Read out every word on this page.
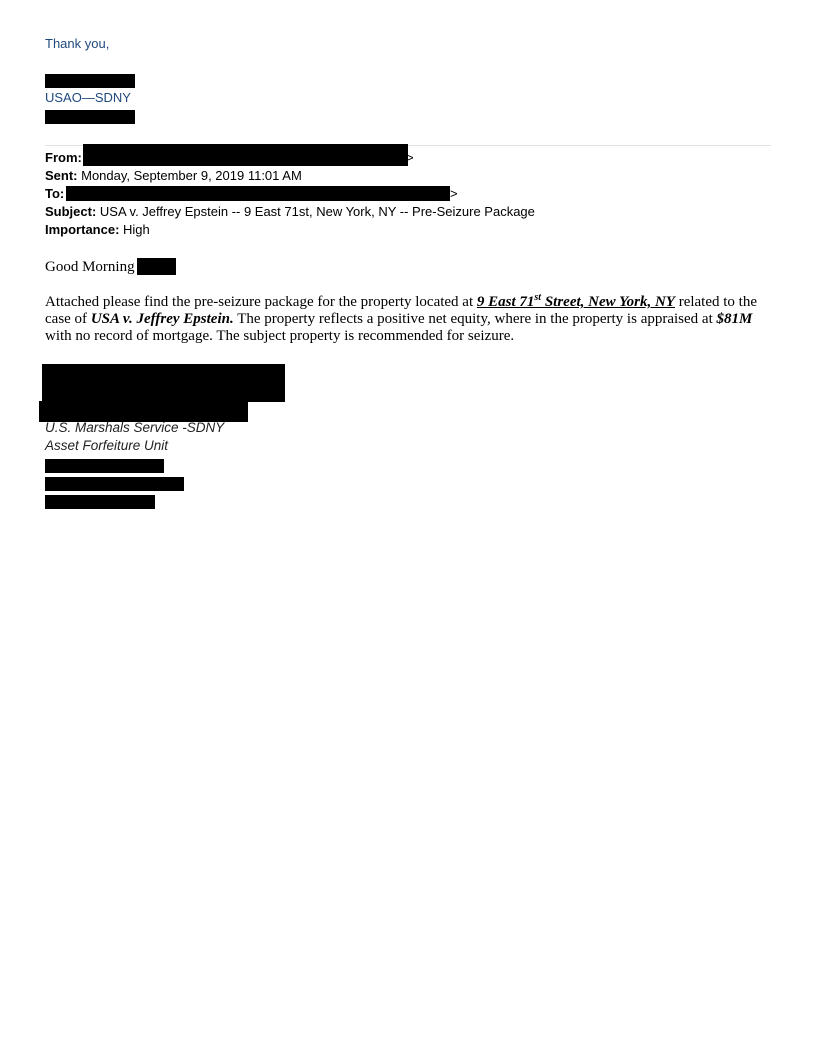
Thank you,
USAO—SDNY
From:	>
Sent: Monday, September 9, 2019 11:01 AM
To:	>
Subject: USA v. Jeffrey Epstein -- 9 East 71st, New York, NY -- Pre-Seizure Package
Importance: High
Good Morning
Attached please find the pre-seizure package for the property located at 9 East 71st Street, New York, NY related to the case of USA v. Jeffrey Epstein. The property reflects a positive net equity, where in the property is appraised at $81M with no record of mortgage. The subject property is recommended for seizure.
U.S. Marshals Service -SDNY
Asset Forfeiture Unit
